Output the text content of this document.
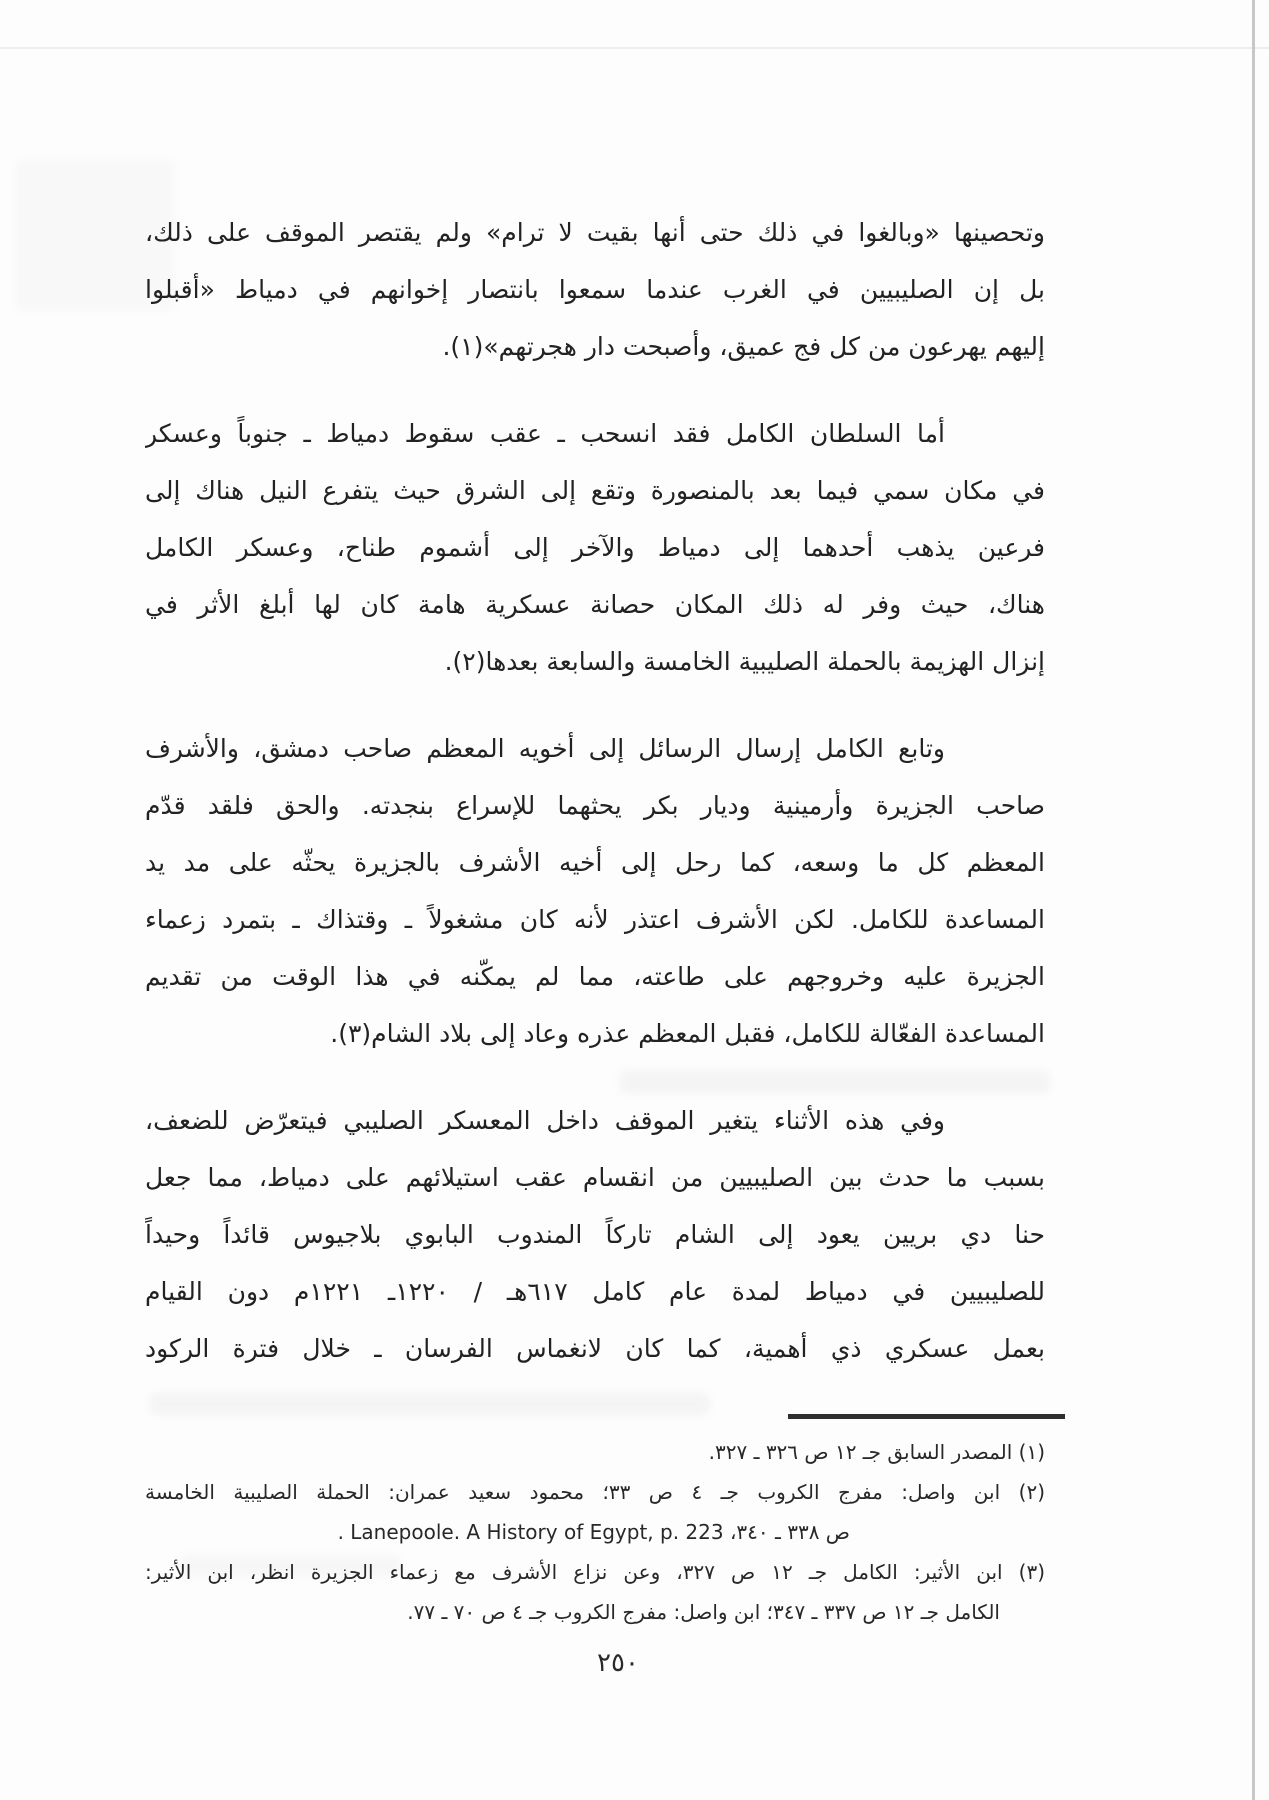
وتحصينها «وبالغوا في ذلك حتى أنها بقيت لا ترام» ولم يقتصر الموقف على ذلك،
بل إن الصليبيين في الغرب عندما سمعوا بانتصار إخوانهم في دمياط «أقبلوا
إليهم يهرعون من كل فج عميق، وأصبحت دار هجرتهم»(١).
أما السلطان الكامل فقد انسحب ـ عقب سقوط دمياط ـ جنوباً وعسكر
في مكان سمي فيما بعد بالمنصورة وتقع إلى الشرق حيث يتفرع النيل هناك إلى
فرعين يذهب أحدهما إلى دمياط والآخر إلى أشموم طناح، وعسكر الكامل
هناك، حيث وفر له ذلك المكان حصانة عسكرية هامة كان لها أبلغ الأثر في
إنزال الهزيمة بالحملة الصليبية الخامسة والسابعة بعدها(٢).
وتابع الكامل إرسال الرسائل إلى أخويه المعظم صاحب دمشق، والأشرف
صاحب الجزيرة وأرمينية وديار بكر يحثهما للإسراع بنجدته. والحق فلقد قدّم
المعظم كل ما وسعه، كما رحل إلى أخيه الأشرف بالجزيرة يحثّه على مد يد
المساعدة للكامل. لكن الأشرف اعتذر لأنه كان مشغولاً ـ وقتذاك ـ بتمرد زعماء
الجزيرة عليه وخروجهم على طاعته، مما لم يمكّنه في هذا الوقت من تقديم
المساعدة الفعّالة للكامل، فقبل المعظم عذره وعاد إلى بلاد الشام(٣).
وفي هذه الأثناء يتغير الموقف داخل المعسكر الصليبي فيتعرّض للضعف،
بسبب ما حدث بين الصليبيين من انقسام عقب استيلائهم على دمياط، مما جعل
حنا دي بريين يعود إلى الشام تاركاً المندوب البابوي بلاجيوس قائداً وحيداً
للصليبيين في دمياط لمدة عام كامل ٦١٧هـ / ١٢٢٠ـ ١٢٢١م دون القيام
بعمل عسكري ذي أهمية، كما كان لانغماس الفرسان ـ خلال فترة الركود
(١) المصدر السابق جـ ١٢ ص ٣٢٦ ـ ٣٢٧.
(٢) ابن واصل: مفرج الكروب جـ ٤ ص ٣٣؛ محمود سعيد عمران: الحملة الصليبية الخامسة
ص ٣٣٨ ـ ٣٤٠، Lanepoole. A History of Egypt, p. 223 .
(٣) ابن الأثير: الكامل جـ ١٢ ص ٣٢٧، وعن نزاع الأشرف مع زعماء الجزيرة انظر، ابن الأثير:
الكامل جـ ١٢ ص ٣٣٧ ـ ٣٤٧؛ ابن واصل: مفرج الكروب جـ ٤ ص ٧٠ ـ ٧٧.
٢٥٠
